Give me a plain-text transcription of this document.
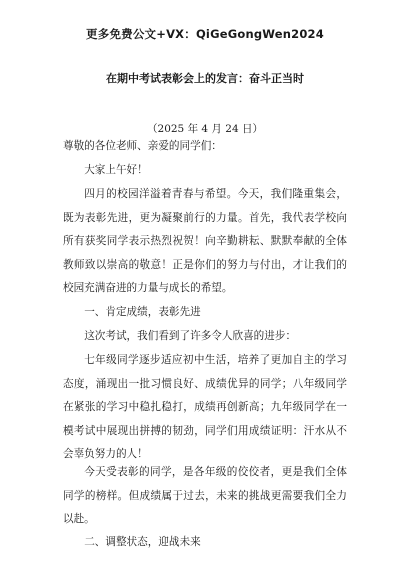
更多免费公文+VX：QiGeGongWen2024
在期中考试表彰会上的发言：奋斗正当时
（2025 年 4 月 24 日）
尊敬的各位老师、亲爱的同学们：
大家上午好！
四月的校园洋溢着青春与希望。今天，我们隆重集会，既为表彰先进，更为凝聚前行的力量。首先，我代表学校向所有获奖同学表示热烈祝贺！向辛勤耕耘、默默奉献的全体教师致以崇高的敬意！正是你们的努力与付出，才让我们的校园充满奋进的力量与成长的希望。
一、肯定成绩，表彰先进
这次考试，我们看到了许多令人欣喜的进步：
七年级同学逐步适应初中生活，培养了更加自主的学习态度，涌现出一批习惯良好、成绩优异的同学；八年级同学在紧张的学习中稳扎稳打，成绩再创新高；九年级同学在一模考试中展现出拼搏的韧劲，同学们用成绩证明：汗水从不会辜负努力的人！
今天受表彰的同学，是各年级的佼佼者，更是我们全体同学的榜样。但成绩属于过去，未来的挑战更需要我们全力以赴。
二、调整状态，迎战未来
